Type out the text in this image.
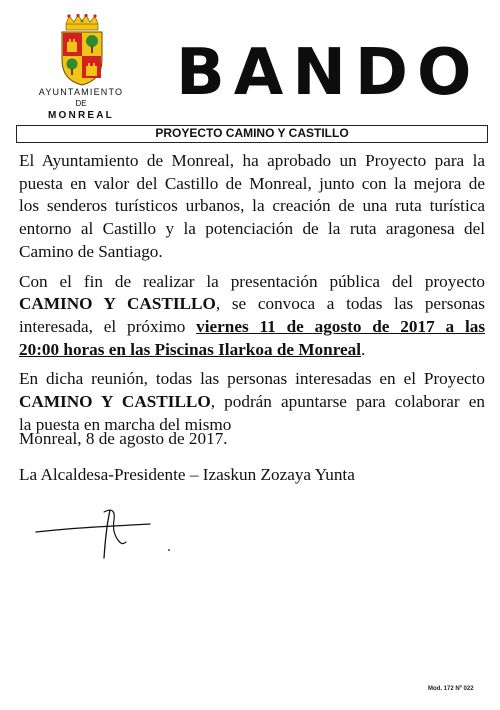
AYUNTAMIENTO
DE
MONREAL
BANDO
PROYECTO CAMINO Y CASTILLO

El Ayuntamiento de Monreal, ha aprobado un Proyecto para la
puesta en valor del Castillo de Monreal, junto con la mejora de
los senderos turísticos urbanos, la creación de una ruta turística
entorno al Castillo y la potenciación de la ruta aragonesa del
Camino de Santiago.

Con el fin de realizar la presentación pública del proyecto
CAMINO Y CASTILLO, se convoca a todas las personas
interesada, el próximo viernes 11 de agosto de 2017 a las
20:00 horas en las Piscinas Ilarkoa de Monreal.

En dicha reunión, todas las personas interesadas en el Proyecto
CAMINO Y CASTILLO, podrán apuntarse para colaborar en
la puesta en marcha del mismo

Monreal, 8 de agosto de 2017.
La Alcaldesa-Presidente – Izaskun Zozaya Yunta
Mod. 172 Nº 022
